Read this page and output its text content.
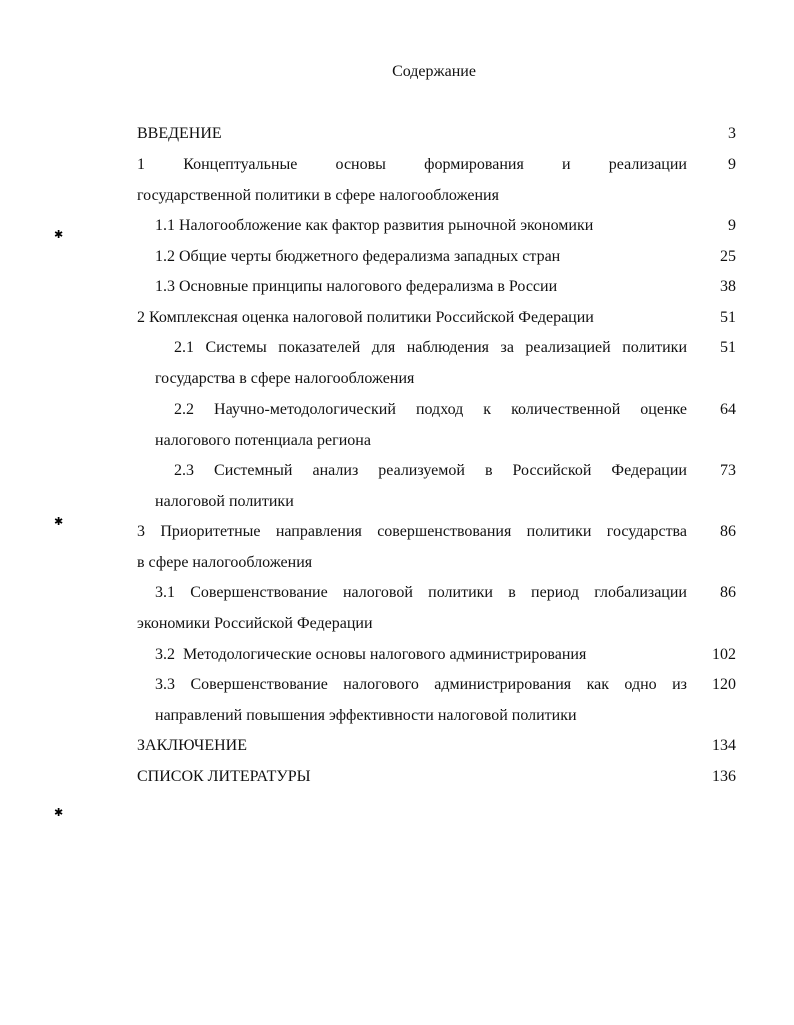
Содержание
ВВЕДЕНИЕ	3
1 Концептуальные основы формирования и реализации	9
государственной политики в сфере налогообложения
1.1 Налогообложение как фактор развития рыночной экономики	9
1.2 Общие черты бюджетного федерализма западных стран	25
1.3 Основные принципы налогового федерализма в России	38
2 Комплексная оценка налоговой политики Российской Федерации	51
2.1 Системы показателей для наблюдения за реализацией политики 51
государства в сфере налогообложения
2.2 Научно-методологический подход к количественной оценке 64
налогового потенциала региона
2.3 Системный анализ реализуемой в Российской Федерации 73
налоговой политики
3 Приоритетные направления совершенствования политики государства 86
в сфере налогообложения
3.1 Совершенствование налоговой политики в период глобализации 86
экономики Российской Федерации
3.2  Методологические основы налогового администрирования	102
3.3 Совершенствование налогового администрирования как одно из 120
направлений повышения эффективности налоговой политики
ЗАКЛЮЧЕНИЕ	134
СПИСОК ЛИТЕРАТУРЫ	136
✱
✱
✱
